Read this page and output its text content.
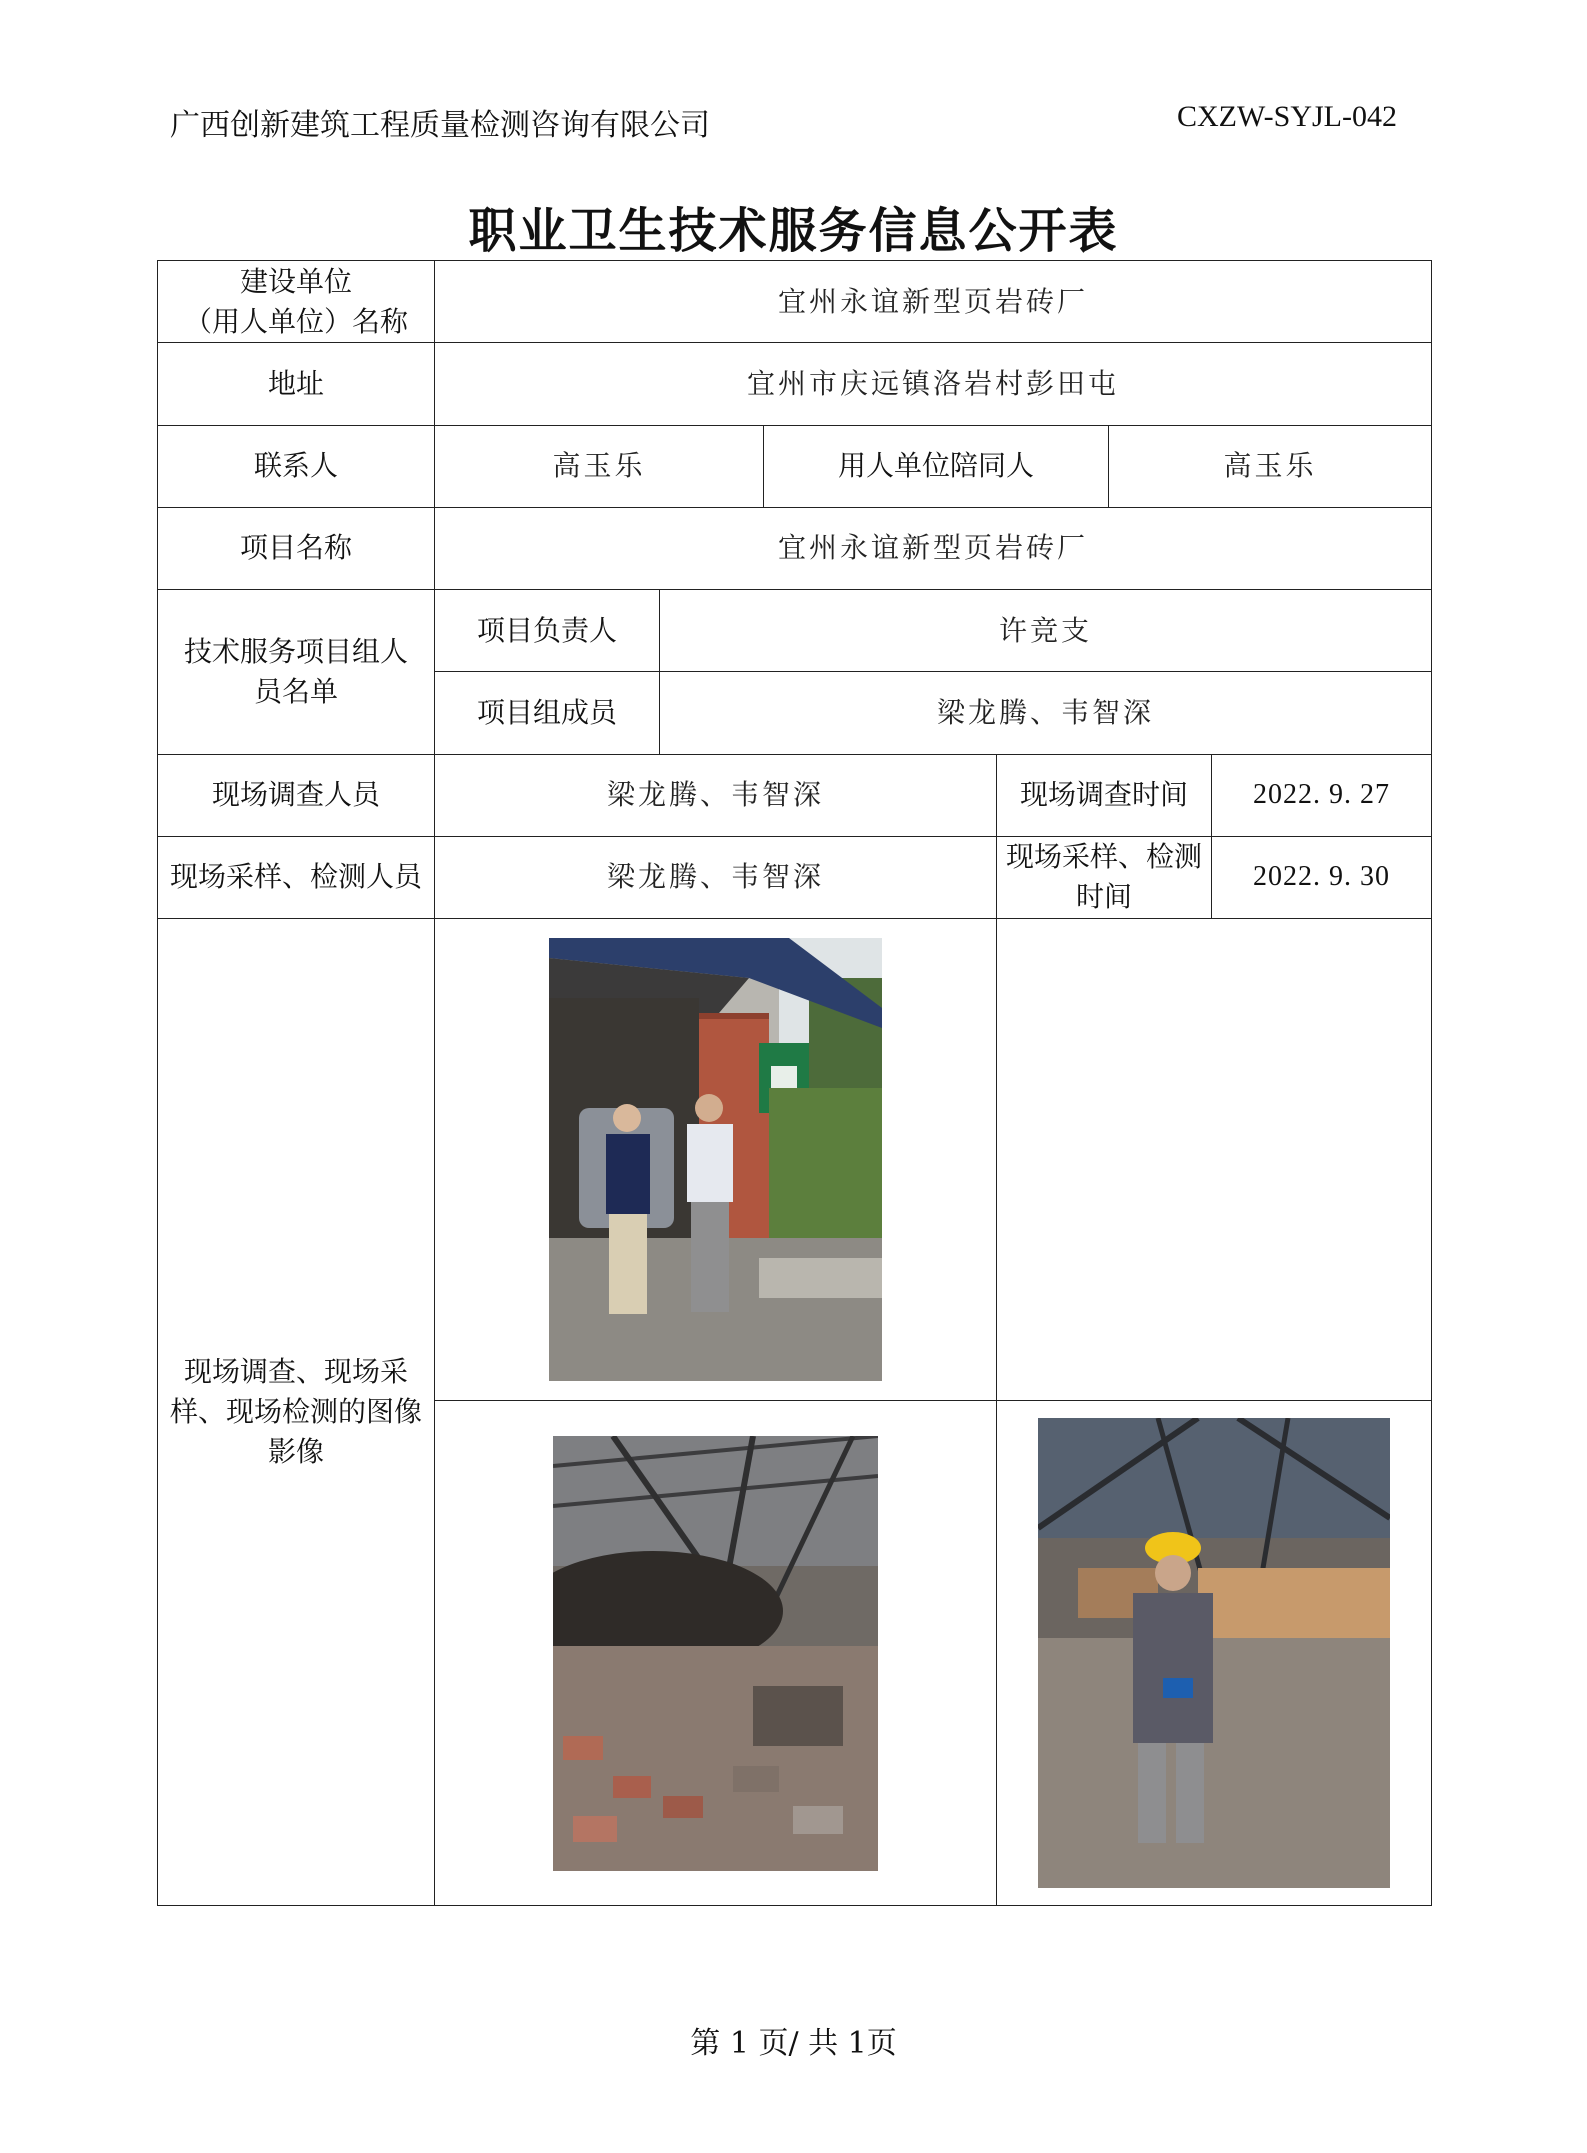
广西创新建筑工程质量检测咨询有限公司	CXZW-SYJL-042
职业卫生技术服务信息公开表
建设单位
（用人单位）名称	宜州永谊新型页岩砖厂					
地址	宜州市庆远镇洛岩村彭田屯					
联系人	高玉乐		用人单位陪同人		高玉乐	
项目名称	宜州永谊新型页岩砖厂					

技术服务项目组人
员名单	项目负责人	许竞支				
	项目组成员	梁龙腾、韦智深				
现场调查人员	梁龙腾、韦智深			现场调查时间		2022. 9. 27
现场采样、检测人员	梁龙腾、韦智深			现场采样、检测时间		2022. 9. 30

现场调查、现场采
样、现场检测的图像
影像

第 1 页/ 共 1页
